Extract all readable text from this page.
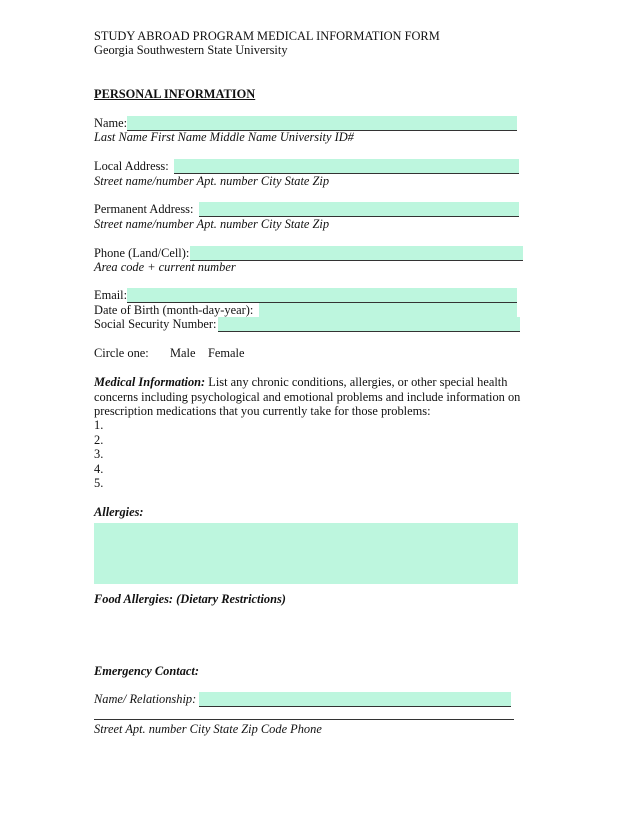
STUDY ABROAD PROGRAM MEDICAL INFORMATION FORM
Georgia Southwestern State University
PERSONAL INFORMATION
Name:
Last Name First Name Middle Name University ID#
Local Address:
Street name/number Apt. number City State Zip
Permanent Address:
Street name/number Apt. number City State Zip
Phone (Land/Cell):
Area code + current number
Email:
Date of Birth (month-day-year):
Social Security Number:
Circle one: Male Female
Medical Information: List any chronic conditions, allergies, or other special health
concerns including psychological and emotional problems and include information on
prescription medications that you currently take for those problems:
1.
2.
3.
4.
5.
Allergies:
Food Allergies: (Dietary Restrictions)
Emergency Contact:
Name/ Relationship:
Street Apt. number City State Zip Code Phone
